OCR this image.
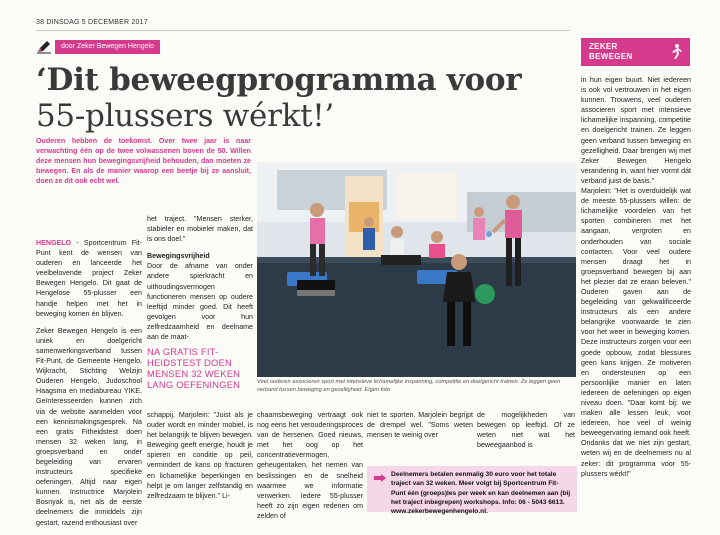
38 DINSDAG 5 DECEMBER 2017
door Zeker Bewegen Hengelo
‘Dit beweegprogramma voor
55-plussers wérkt!’
Ouderen hebben de toekomst. Over twee jaar is naar verwachting één op de twee volwassenen boven de 50. Willen deze mensen hun bewegingsvrijheid behouden, dan moeten ze bewegen. En als de manier waarop een beetje bij ze aansluit, doen ze dit ook echt wel.

HENGELO - Sportcentrum Fit-Punt kent de wensen van ouderen en lanceerde het veelbelovende project Zeker Bewegen Hengelo. Dit gaat de Hengelose 55-plusser een handje helpen met het in beweging komen én blijven.

Zeker Bewegen Hengelo is een uniek en doelgericht samenwerkingsverband tussen Fit-Punt, de Gemeente Hengelo, Wijkracht, Stichting Welzijn Ouderen Hengelo, Judoschool Haagsma en mediabureau YIKE. Geïnteresseerden kunnen zich via de website aanmelden voor een kennismakingsgesprek. Na een gratis Fitheidstest doen mensen 32 weken lang, in groepsverband en onder begeleiding van ervaren instructeurs specifieke oefeningen. Altijd naar eigen kunnen. Instructrice Marjolein Bosnyak is, net als de eerste deelnemers die inmiddels zijn gestart, razend enthousiast over

het traject. "Mensen sterker, stabieler en mobieler maken, dat is ons doel."

Bewegingsvrijheid

Door de afname van onder andere spierkracht en uithoudingsvermogen functioneren mensen op oudere leeftijd minder goed. Dit heeft gevolgen voor hun zelfredzaamheid en deelname aan de maat-

NA GRATIS FIT-HEIDSTEST DOEN MENSEN 32 WEKEN LANG OEFENINGEN

schappij. Marjolein: "Juist als je ouder wordt en minder mobiel, is het belangrijk te blijven bewegen. Beweging geeft energie, houdt je spieren en conditie op peil, vermindert de kans op fracturen en lichamelijke beperkingen en helpt je om langer zelfstandig en zelfredzaam te blijven." Li-

Veel ouderen associeren sport met intensieve lichamelijke inspanning, competitie en doelgericht trainen. Ze leggen geen verband tussen beweging en gezelligheid. Eigen foto

chaamsbeweging vertraagt ook nog eens het verouderingsproces van de hersenen. Goed nieuws, met het oog op het concentratievermogen, geheugentaken, het nemen van beslissingen en de snelheid waarmee we informatie verwerken. Iedere 55-plusser heeft zo zijn eigen redenen om zelden of

niet te sporten. Marjolein begrijpt de drempel wel. "Soms weten mensen te weinig over

de mogelijkheden van bewegen op leeftijd. Of ze weten niet wat het beweegaanbod is

Deelnemers betalen eenmalig 30 euro voor het totale traject van 32 weken. Meer volgt bij Sportcentrum Fit-Punt één (groeps)les per week en kan deelnemen aan (bij het traject inbegrepen) workshops. Info: 06 - 5043 6613. www.zekerbewegenhengelo.nl.
ZEKER
BEWEGEN

in hun eigen buurt. Niet iedereen is ook vol vertrouwen in het eigen kunnen. Trouwens, veel ouderen associeren sport met intensieve lichamelijke inspanning, competitie en doelgericht trainen. Ze leggen geen verband tussen beweging en gezelligheid. Daar brengen wij met Zeker Bewegen Hengelo verandering in, want hier vormt dát verband juist de basis."

Marjolein: "Het is overduidelijk wat de meeste 55-plussers willen: de lichamelijke voordelen van het sporten combineren met het aangaan, vergroten en onderhouden van sociale contacten. Voor veel oudere mensen draagt het in groepsverband bewegen bij aan het plezier dat ze eraan beleven." Ouderen gaven aan de begeleiding van gekwalificeerde instructeurs als een andere belangrijke voorwaarde te zien voor het weer in beweging komen. Deze instructeurs zorgen voor een goede opbouw, zodat blessures geen kans krijgen. Ze motiveren en ondersteunen op een persoonlijke manier en laten iedereen de oefeningen op eigen niveau doen. "Daar komt bij: we maken alle lessen leuk, voor iedereen, hoe veel of weinig beweegervaring iemand ook heeft. Ondanks dat we niet zijn gestart, weten wij en de deelnemers nu al zeker: dit programma voor 55-plussers wérkt!"
